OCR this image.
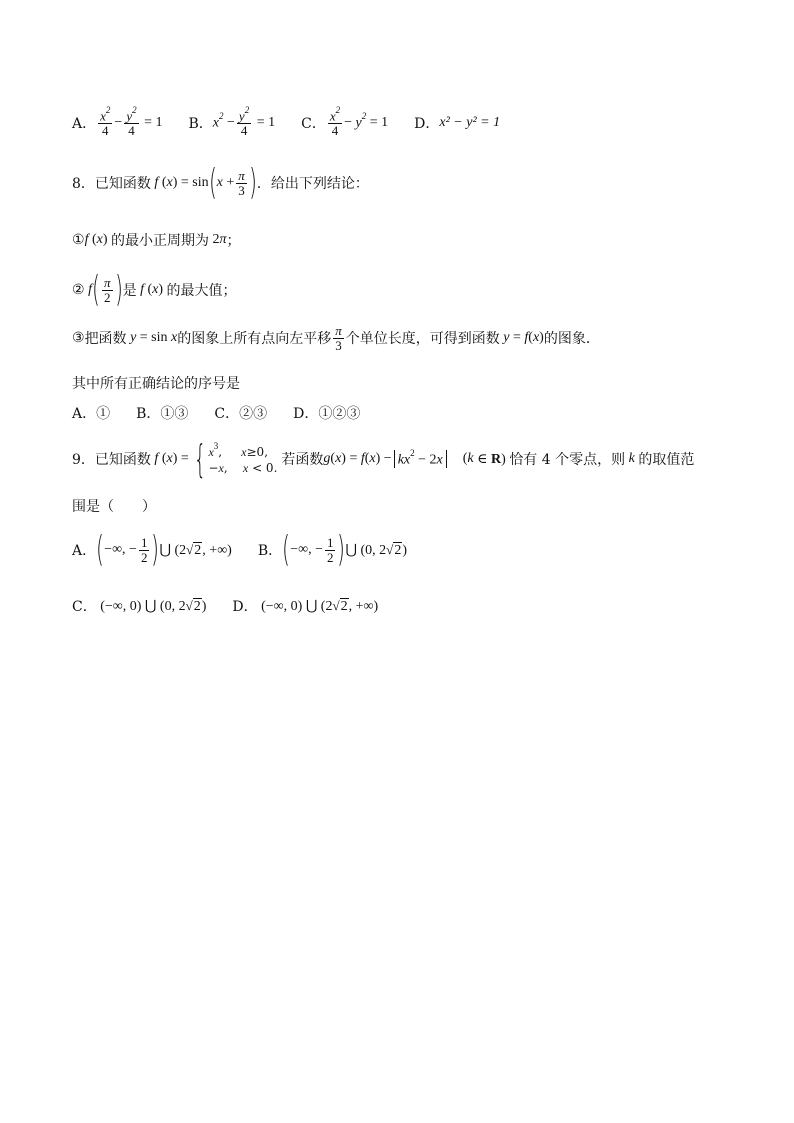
A． $\frac{x^2}{4} - \frac{y^2}{4} = 1$ B． $x^2 - \frac{y^2}{4} = 1$ C． $\frac{x^2}{4} - y^2 = 1$ D． x² − y² = 1
8．已知函数 f ( x ) = sin ( $x + \frac{\pi}{3}$ ) ．给出下列结论：
① f ( x ) 的最小正周期为 2 π ；
② f ( $\frac{\pi}{2}$ ) 是 f ( x ) 的最大值；
③ 把函数 y = sin x 的图象上所有点向左平移 $\frac{\pi}{3}$ 个单位长度，可得到函数 y = f ( x ) 的图象．
其中所有正确结论的序号是
A．① B．①③ C．②③ D．①②③
9．已知函数 f ( x ) = { $x^3$,     x≥0,
−x,    x < 0. 若函数 g ( x ) = f ( x ) − $kx^2 - 2x$ ( k ∈ R) 恰有 4 个零点，则 k 的取值范
围是（　　）
A． ( −∞, − $\frac{1}{2}$ ) ⋃ (2√2, +∞) B． ( −∞, − $\frac{1}{2}$ ) ⋃ (0, 2√2)
C． (−∞, 0) ⋃ (0, 2√2) D． (−∞, 0) ⋃ (2√2, +∞)
